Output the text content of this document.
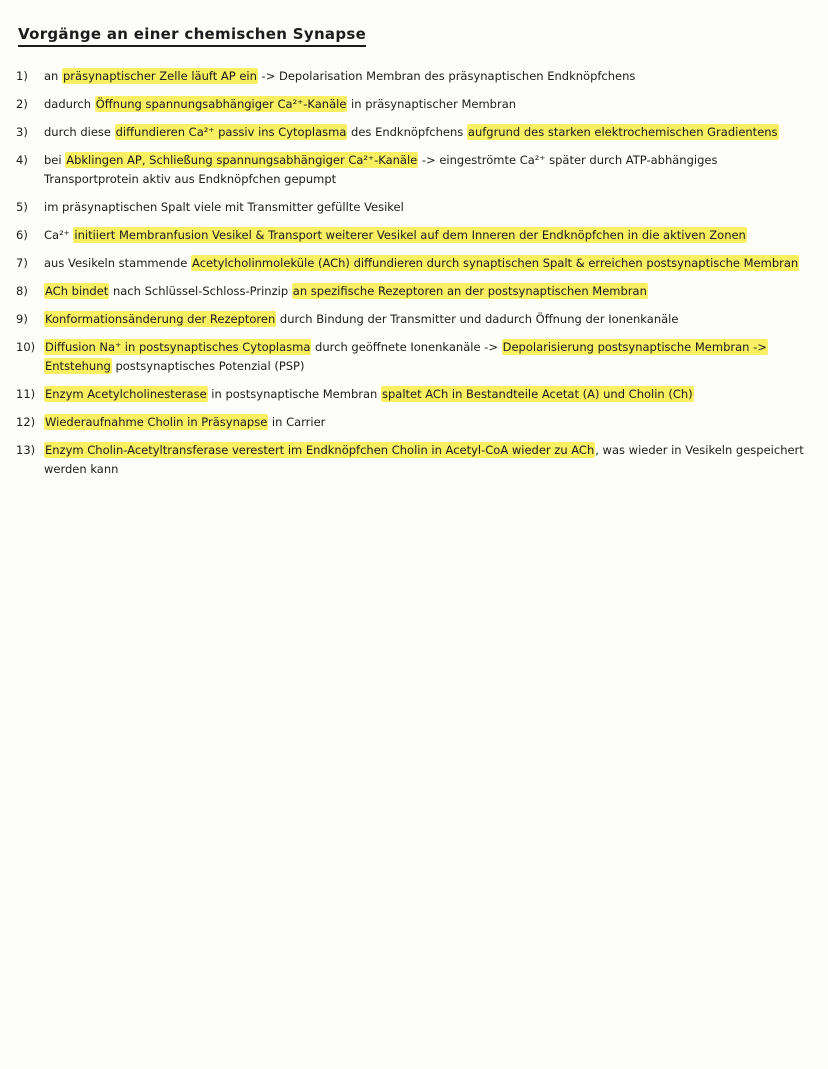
Vorgänge an einer chemischen Synapse
1)	an präsynaptischer Zelle läuft AP ein -> Depolarisation Membran des präsynaptischen Endknöpfchens
2)	dadurch Öffnung spannungsabhängiger Ca²⁺-Kanäle in präsynaptischer Membran
3)	durch diese diffundieren Ca²⁺ passiv ins Cytoplasma des Endknöpfchens aufgrund des starken elektrochemischen Gradientens
4)	bei Abklingen AP, Schließung spannungsabhängiger Ca²⁺-Kanäle -> eingeströmte Ca²⁺ später durch ATP-abhängiges Transportprotein aktiv aus Endknöpfchen gepumpt
5)	im präsynaptischen Spalt viele mit Transmitter gefüllte Vesikel
6)	Ca²⁺ initiiert Membranfusion Vesikel & Transport weiterer Vesikel auf dem Inneren der Endknöpfchen in die aktiven Zonen
7)	aus Vesikeln stammende Acetylcholinmoleküle (ACh) diffundieren durch synaptischen Spalt & erreichen postsynaptische Membran
8)	ACh bindet nach Schlüssel-Schloss-Prinzip an spezifische Rezeptoren an der postsynaptischen Membran
9)	Konformationsänderung der Rezeptoren durch Bindung der Transmitter und dadurch Öffnung der Ionenkanäle
10) Diffusion Na⁺ in postsynaptisches Cytoplasma durch geöffnete Ionenkanäle -> Depolarisierung postsynaptische Membran -> Entstehung postsynaptisches Potenzial (PSP)
11) Enzym Acetylcholinesterase in postsynaptische Membran spaltet ACh in Bestandteile Acetat (A) und Cholin (Ch)
12) Wiederaufnahme Cholin in Präsynapse in Carrier
13) Enzym Cholin-Acetyltransferase verestert im Endknöpfchen Cholin in Acetyl-CoA wieder zu ACh, was wieder in Vesikeln gespeichert werden kann
